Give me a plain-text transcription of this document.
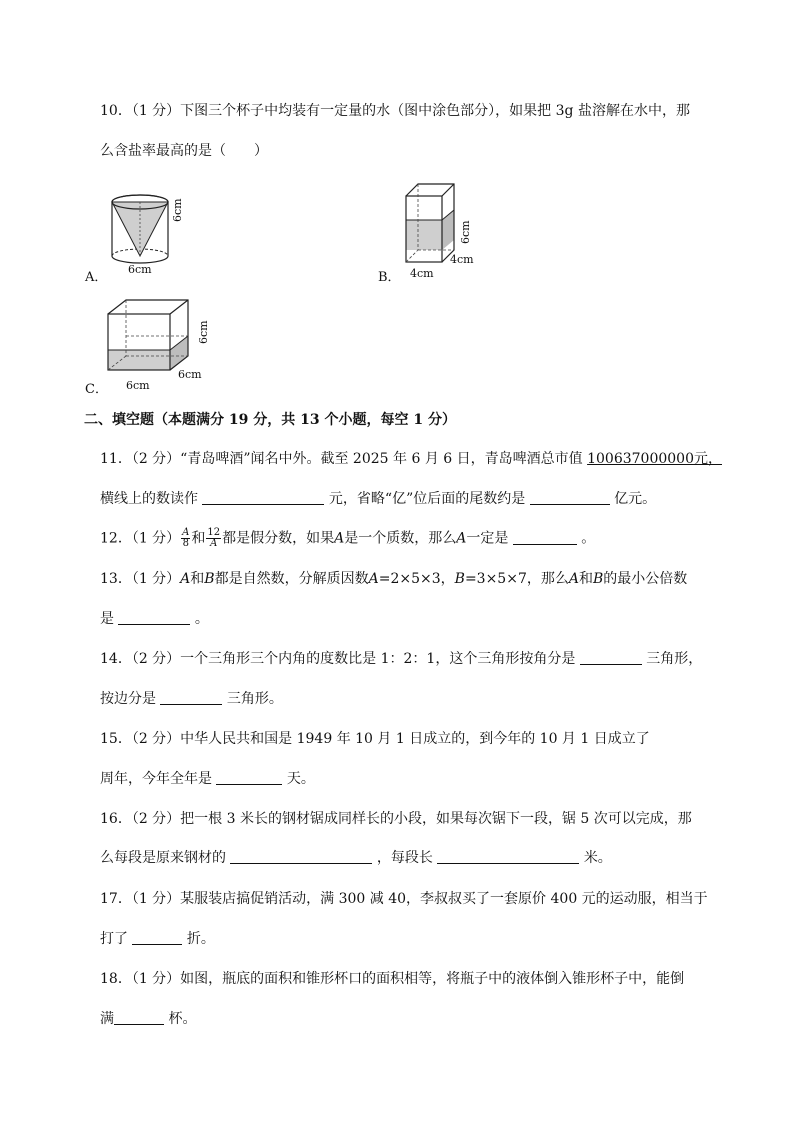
10．（1 分）下图三个杯子中均装有一定量的水（图中涂色部分），如果把 3g 盐溶解在水中，那
么含盐率最高的是（　　）
6cm
6cm
A．
6cm
4cm
4cm
B．
6cm
6cm
6cm
C．
二、填空题（本题满分 19 分，共 13 个小题，每空 1 分）
11．（2 分）“青岛啤酒”闻名中外。截至 2025 年 6 月 6 日，青岛啤酒总市值 100637000000元，
横线上的数读作	元，省略“亿”位后面的尾数约是	亿元。
12．（1 分） $\frac{A}{8}$ 和 $\frac{12}{A}$ 都是假分数，如果A是一个质数，那么A一定是	。
13．（1 分）A和B都是自然数，分解质因数A=2×5×3，B=3×5×7，那么A和B的最小公倍数
是	。
14．（2 分）一个三角形三个内角的度数比是 1：2：1，这个三角形按角分是	三角形，
按边分是	三角形。
15．（2 分）中华人民共和国是 1949 年 10 月 1 日成立的，到今年的 10 月 1 日成立了
周年，今年全年是	天。
16．（2 分）把一根 3 米长的钢材锯成同样长的小段，如果每次锯下一段，锯 5 次可以完成，那
么每段是原来钢材的	，每段长	米。
17．（1 分）某服装店搞促销活动，满 300 减 40，李叔叔买了一套原价 400 元的运动服，相当于
打了	折。
18．（1 分）如图，瓶底的面积和锥形杯口的面积相等，将瓶子中的液体倒入锥形杯子中，能倒
满	杯。
